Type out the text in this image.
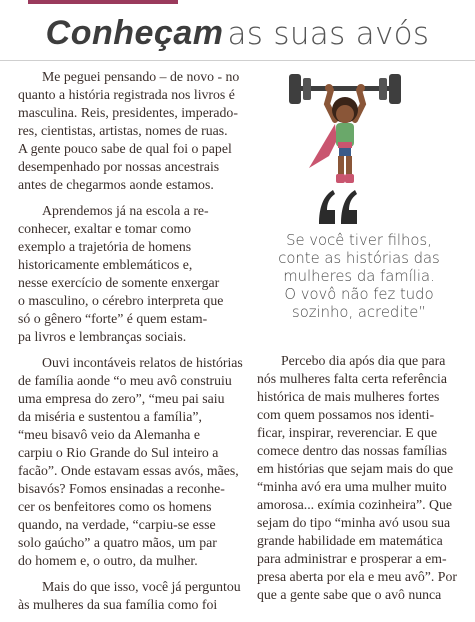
Conheçam as suas avós

Me peguei pensando – de novo - no
quanto a história registrada nos livros é
masculina. Reis, presidentes, imperado-
res, cientistas, artistas, nomes de ruas.
A gente pouco sabe de qual foi o papel
desempenhado por nossas ancestrais
antes de chegarmos aonde estamos.

Aprendemos já na escola a re-
conhecer, exaltar e tomar como
exemplo a trajetória de homens
historicamente emblemáticos e,
nesse exercício de somente enxergar
o masculino, o cérebro interpreta que
só o gênero “forte” é quem estam-
pa livros e lembranças sociais.

Ouvi incontáveis relatos de histórias
de família aonde “o meu avô construiu
uma empresa do zero”, “meu pai saiu
da miséria e sustentou a família”,
“meu bisavô veio da Alemanha e
carpiu o Rio Grande do Sul inteiro a
facão”. Onde estavam essas avós, mães,
bisavós? Fomos ensinadas a reconhe-
cer os benfeitores como os homens
quando, na verdade, “carpiu-se esse
solo gaúcho” a quatro mãos, um par
do homem e, o outro, da mulher.

Mais do que isso, você já perguntou
às mulheres da sua família como foi

Se você tiver filhos,
conte as histórias das
mulheres da família.
O vovô não fez tudo
sozinho, acredite”

Percebo dia após dia que para
nós mulheres falta certa referência
histórica de mais mulheres fortes
com quem possamos nos identi-
ficar, inspirar, reverenciar. E que
comece dentro das nossas famílias
em histórias que sejam mais do que
“minha avó era uma mulher muito
amorosa... exímia cozinheira”. Que
sejam do tipo “minha avó usou sua
grande habilidade em matemática
para administrar e prosperar a em-
presa aberta por ela e meu avô”. Por
que a gente sabe que o avô nunca
